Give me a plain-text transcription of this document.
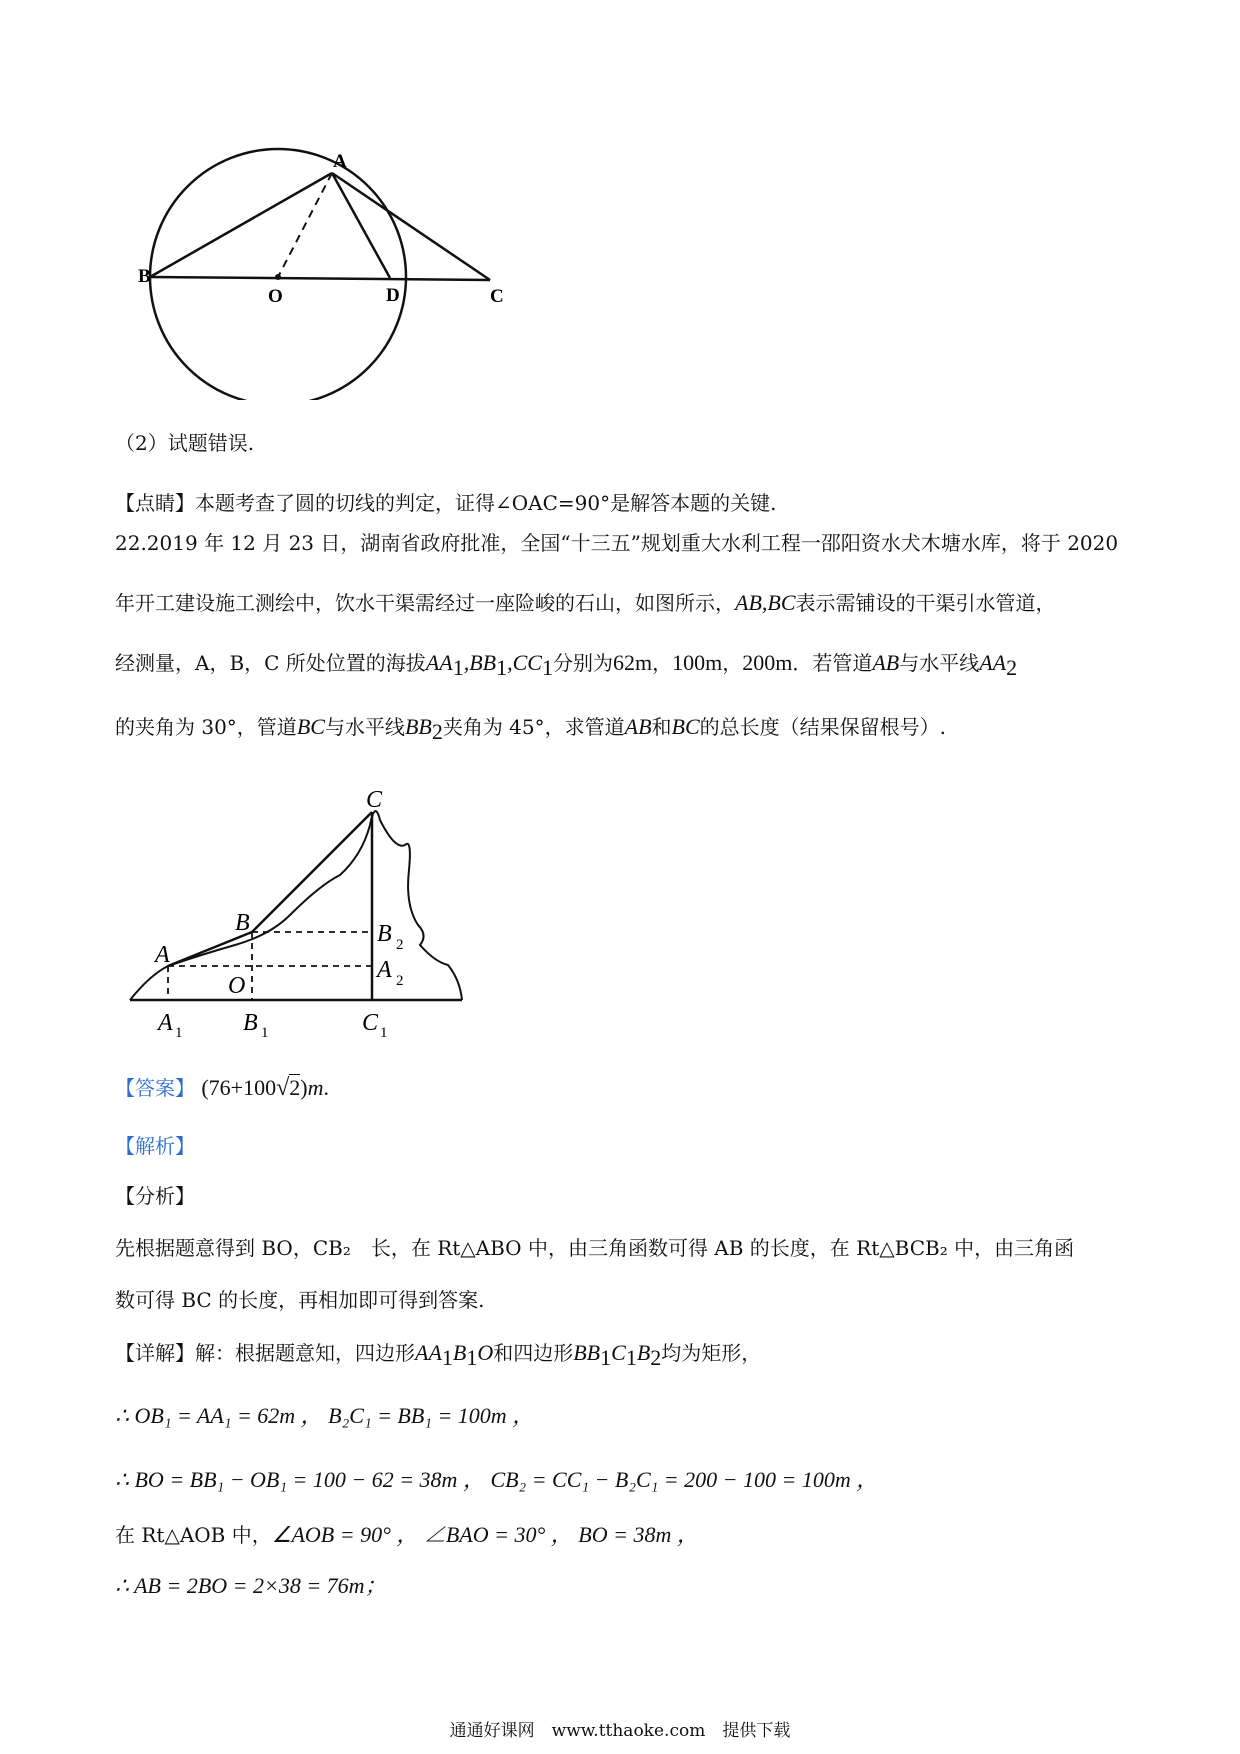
A
B
O	D	C
（2）试题错误.
【点睛】本题考查了圆的切线的判定，证得∠OAC=90°是解答本题的关键.
22.2019 年 12 月 23 日，湖南省政府批准，全国“十三五”规划重大水利工程一邵阳资水犬木塘水库，将于 2020
年开工建设施工测绘中，饮水干渠需经过一座险峻的石山，如图所示，AB,BC表示需铺设的干渠引水管道，
经测量，A，B，C 所处位置的海拔$AA_1,BB_1,CC_1$分别为62m，100m，200m．若管道AB与水平线$AA_2$
的夹角为 30°，管道BC与水平线$BB_2$夹角为 45°，求管道AB和BC的总长度（结果保留根号）.
C
B	B 2
A
A 2
O
A 1	B 1	C 1
【答案】 (76+100√2)m.
【解析】
【分析】
先根据题意得到 BO，CB₂　长，在 Rt△ABO 中，由三角函数可得 AB 的长度，在 Rt△BCB₂ 中，由三角函
数可得 BC 的长度，再相加即可得到答案.
【详解】解：根据题意知，四边形$AA_1B_1O$和四边形$BB_1C_1B_2$均为矩形，
∴ OB₁ = AA₁ = 62m ， B₂C₁ = BB₁ = 100m ，
∴ BO = BB₁ − OB₁ = 100 − 62 = 38m ， CB₂ = CC₁ − B₂C₁ = 200 − 100 = 100m ，
在 Rt△AOB 中，∠AOB = 90° ， ∠BAO = 30° ， BO = 38m ，
∴ AB = 2BO = 2×38 = 76m；
通通好课网　www.tthaoke.com　提供下载
